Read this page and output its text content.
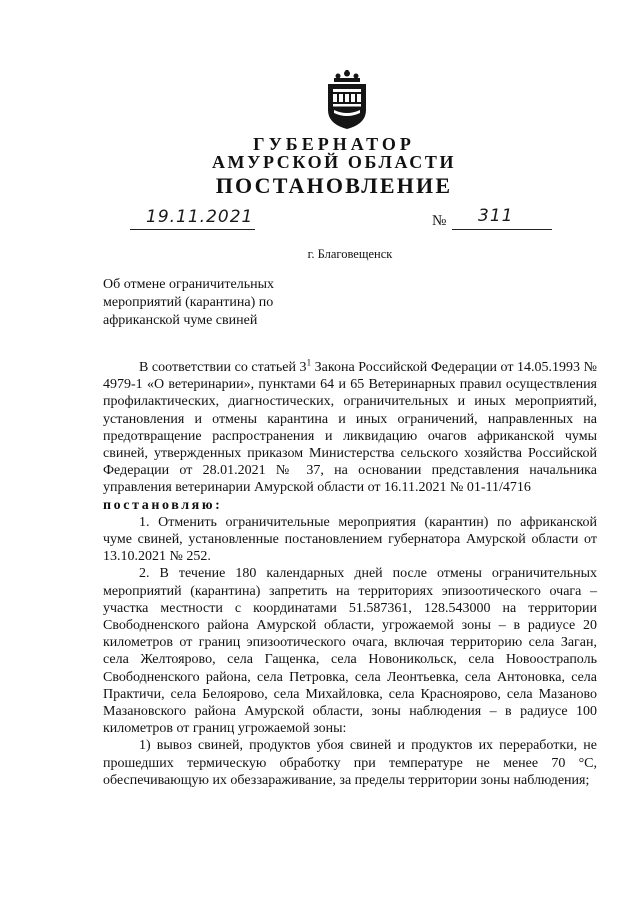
ГУБЕРНАТОР
АМУРСКОЙ ОБЛАСТИ
ПОСТАНОВЛЕНИЕ
19.11.2021	№ 311
г. Благовещенск
Об отмене ограничительных
мероприятий (карантина) по
африканской чуме свиней

В соответствии со статьей $3^1$ Закона Российской Федерации от 14.05.1993 № 4979-1 «О ветеринарии», пунктами 64 и 65 Ветеринарных правил осуществления профилактических, диагностических, ограничительных и иных мероприятий, установления и отмены карантина и иных ограничений, направленных на предотвращение распространения и ликвидацию очагов африканской чумы свиней, утвержденных приказом Министерства сельского хозяйства Российской Федерации от 28.01.2021 № 37, на основании представления начальника управления ветеринарии Амурской области от 16.11.2021 № 01-11/4716

постановляю:

1. Отменить ограничительные мероприятия (карантин) по африканской чуме свиней, установленные постановлением губернатора Амурской области от 13.10.2021 № 252.

2. В течение 180 календарных дней после отмены ограничительных мероприятий (карантина) запретить на территориях эпизоотического очага – участка местности с координатами 51.587361, 128.543000 на территории Свободненского района Амурской области, угрожаемой зоны – в радиусе 20 километров от границ эпизоотического очага, включая территорию села Заган, села Желтоярово, села Гащенка, села Новоникольск, села Новоостраполь Свободненского района, села Петровка, села Леонтьевка, села Антоновка, села Практичи, села Белоярово, села Михайловка, села Красноярово, села Мазаново Мазановского района Амурской области, зоны наблюдения – в радиусе 100 километров от границ угрожаемой зоны:

1) вывоз свиней, продуктов убоя свиней и продуктов их переработки, не прошедших термическую обработку при температуре не менее 70 °С, обеспечивающую их обеззараживание, за пределы территории зоны наблюдения;
